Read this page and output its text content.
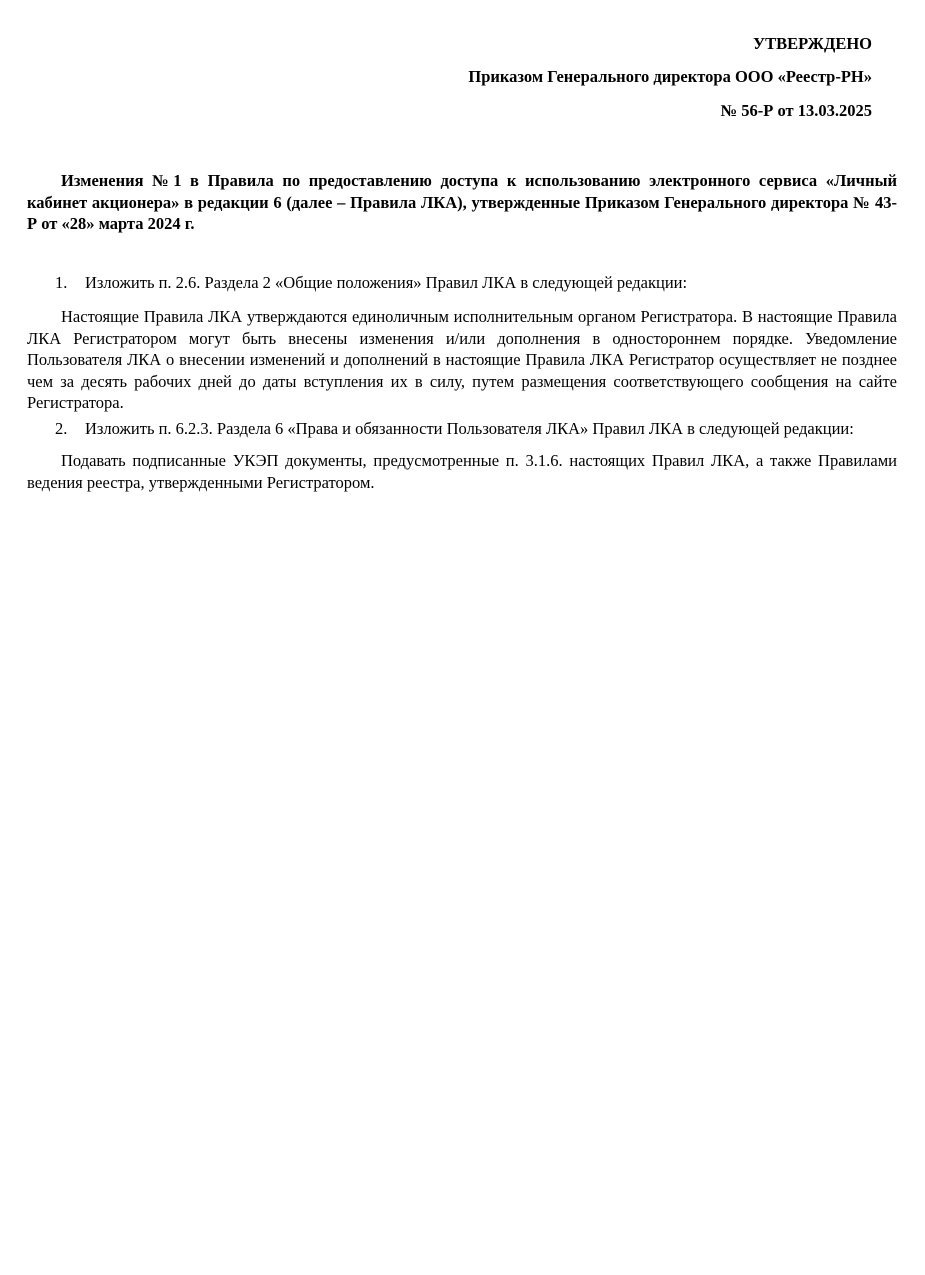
УТВЕРЖДЕНО
Приказом Генерального директора ООО «Реестр-РН»
№ 56-Р от 13.03.2025
Изменения №1 в Правила по предоставлению доступа к использованию электронного сервиса «Личный кабинет акционера» в редакции 6 (далее – Правила ЛКА), утвержденные Приказом Генерального директора № 43-Р от «28» марта 2024 г.
1. Изложить п. 2.6. Раздела 2 «Общие положения» Правил ЛКА в следующей редакции:
Настоящие Правила ЛКА утверждаются единоличным исполнительным органом Регистратора. В настоящие Правила ЛКА Регистратором могут быть внесены изменения и/или дополнения в одностороннем порядке. Уведомление Пользователя ЛКА о внесении изменений и дополнений в настоящие Правила ЛКА Регистратор осуществляет не позднее чем за десять рабочих дней до даты вступления их в силу, путем размещения соответствующего сообщения на сайте Регистратора.
2. Изложить п. 6.2.3. Раздела 6 «Права и обязанности Пользователя ЛКА» Правил ЛКА в следующей редакции:
Подавать подписанные УКЭП документы, предусмотренные п. 3.1.6. настоящих Правил ЛКА, а также Правилами ведения реестра, утвержденными Регистратором.
